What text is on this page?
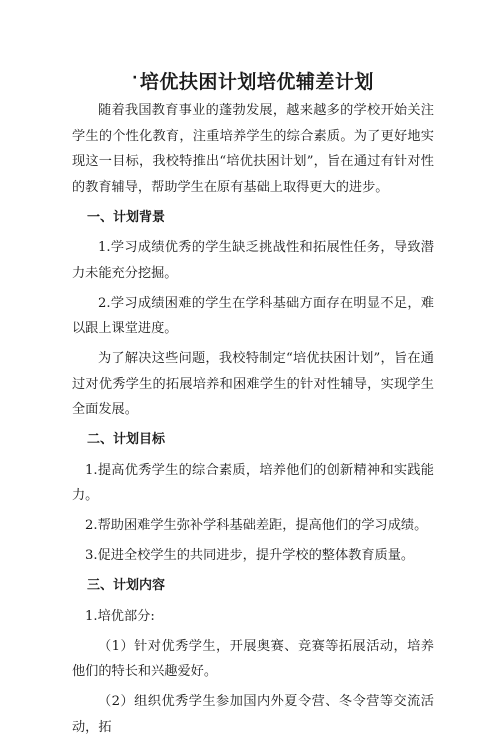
· 培优扶困计划培优辅差计划

随着我国教育事业的蓬勃发展，越来越多的学校开始关注学生的个性化教育，注重培养学生的综合素质。为了更好地实现这一目标，我校特推出“培优扶困计划”，旨在通过有针对性的教育辅导，帮助学生在原有基础上取得更大的进步。

一、计划背景

1.学习成绩优秀的学生缺乏挑战性和拓展性任务，导致潜力未能充分挖掘。

2.学习成绩困难的学生在学科基础方面存在明显不足，难以跟上课堂进度。

为了解决这些问题，我校特制定“培优扶困计划”，旨在通过对优秀学生的拓展培养和困难学生的针对性辅导，实现学生全面发展。

二、计划目标

1.提高优秀学生的综合素质，培养他们的创新精神和实践能力。

2.帮助困难学生弥补学科基础差距，提高他们的学习成绩。

3.促进全校学生的共同进步，提升学校的整体教育质量。

三、计划内容

1.培优部分:

（1）针对优秀学生，开展奥赛、竞赛等拓展活动，培养他们的特长和兴趣爱好。

（2）组织优秀学生参加国内外夏令营、冬令营等交流活动，拓
